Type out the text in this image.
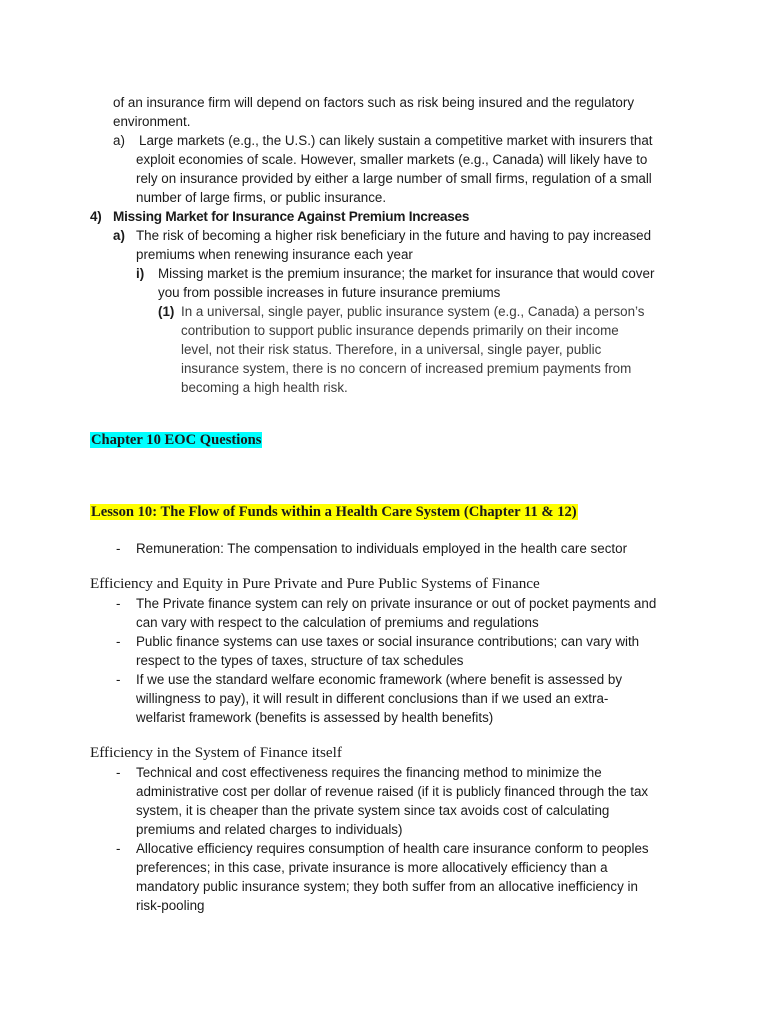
of an insurance firm will depend on factors such as risk being insured and the regulatory
environment.
a) Large markets (e.g., the U.S.) can likely sustain a competitive market with insurers that
exploit economies of scale. However, smaller markets (e.g., Canada) will likely have to
rely on insurance provided by either a large number of small firms, regulation of a small
number of large firms, or public insurance.
4) Missing Market for Insurance Against Premium Increases
a) The risk of becoming a higher risk beneficiary in the future and having to pay increased
premiums when renewing insurance each year
i) Missing market is the premium insurance; the market for insurance that would cover
you from possible increases in future insurance premiums
(1) In a universal, single payer, public insurance system (e.g., Canada) a person’s
contribution to support public insurance depends primarily on their income
level, not their risk status. Therefore, in a universal, single payer, public
insurance system, there is no concern of increased premium payments from
becoming a high health risk.
Chapter 10 EOC Questions
Lesson 10: The Flow of Funds within a Health Care System (Chapter 11 & 12)
- Remuneration: The compensation to individuals employed in the health care sector
Efficiency and Equity in Pure Private and Pure Public Systems of Finance
- The Private finance system can rely on private insurance or out of pocket payments and
can vary with respect to the calculation of premiums and regulations
- Public finance systems can use taxes or social insurance contributions; can vary with
respect to the types of taxes, structure of tax schedules
- If we use the standard welfare economic framework (where benefit is assessed by
willingness to pay), it will result in different conclusions than if we used an extra-
welfarist framework (benefits is assessed by health benefits)
Efficiency in the System of Finance itself
- Technical and cost effectiveness requires the financing method to minimize the
administrative cost per dollar of revenue raised (if it is publicly financed through the tax
system, it is cheaper than the private system since tax avoids cost of calculating
premiums and related charges to individuals)
- Allocative efficiency requires consumption of health care insurance conform to peoples
preferences; in this case, private insurance is more allocatively efficiency than a
mandatory public insurance system; they both suffer from an allocative inefficiency in
risk-pooling
